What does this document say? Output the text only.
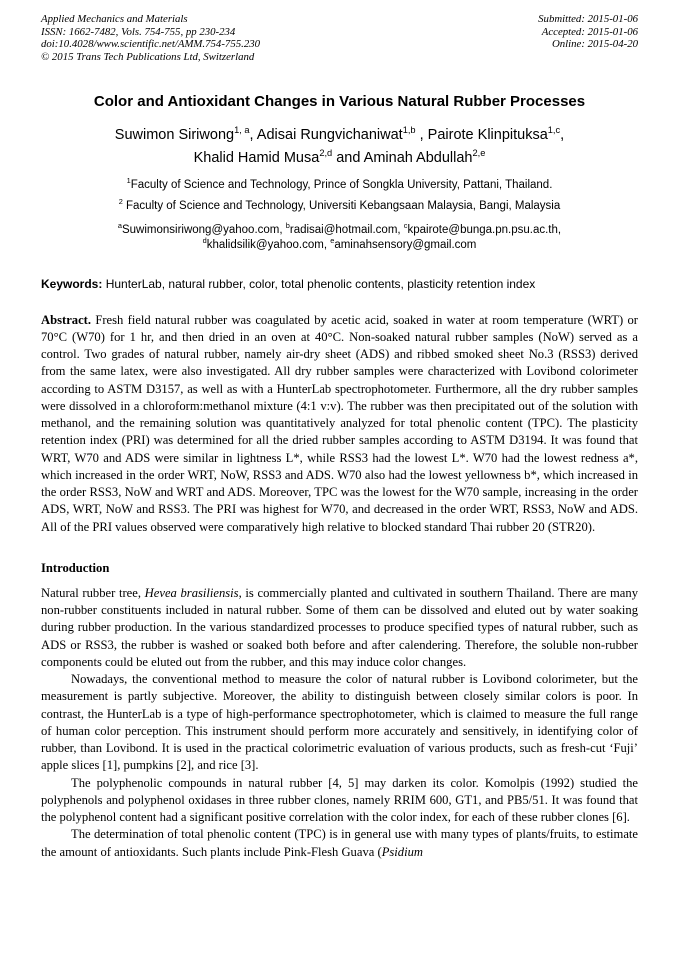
Applied Mechanics and Materials
ISSN: 1662-7482, Vols. 754-755, pp 230-234
doi:10.4028/www.scientific.net/AMM.754-755.230
© 2015 Trans Tech Publications Ltd, Switzerland
Submitted: 2015-01-06
Accepted: 2015-01-06
Online: 2015-04-20
Color and Antioxidant Changes in Various Natural Rubber Processes
Suwimon Siriwong$^{1, a}$, Adisai Rungvichaniwat$^{1,b}$ , Pairote Klinpituksa$^{1,c}$,
Khalid Hamid Musa$^{2,d}$ and Aminah Abdullah$^{2,e}$
$^1$Faculty of Science and Technology, Prince of Songkla University, Pattani, Thailand.
$^2$ Faculty of Science and Technology, Universiti Kebangsaan Malaysia, Bangi, Malaysia
$^a$Suwimonsiriwong@yahoo.com, $^b$radisai@hotmail.com, $^c$kpairote@bunga.pn.psu.ac.th,
$^d$khalidsilik@yahoo.com, $^e$aminahsensory@gmail.com

Keywords: HunterLab, natural rubber, color, total phenolic contents, plasticity retention index

Abstract. Fresh field natural rubber was coagulated by acetic acid, soaked in water at room temperature (WRT) or 70°C (W70) for 1 hr, and then dried in an oven at 40°C. Non-soaked natural rubber samples (NoW) served as a control. Two grades of natural rubber, namely air-dry sheet (ADS) and ribbed smoked sheet No.3 (RSS3) derived from the same latex, were also investigated. All dry rubber samples were characterized with Lovibond colorimeter according to ASTM D3157, as well as with a HunterLab spectrophotometer. Furthermore, all the dry rubber samples were dissolved in a chloroform:methanol mixture (4:1 v:v). The rubber was then precipitated out of the solution with methanol, and the remaining solution was quantitatively analyzed for total phenolic content (TPC). The plasticity retention index (PRI) was determined for all the dried rubber samples according to ASTM D3194. It was found that WRT, W70 and ADS were similar in lightness L*, while RSS3 had the lowest L*. W70 had the lowest redness a*, which increased in the order WRT, NoW, RSS3 and ADS. W70 also had the lowest yellowness b*, which increased in the order RSS3, NoW and WRT and ADS. Moreover, TPC was the lowest for the W70 sample, increasing in the order ADS, WRT, NoW and RSS3. The PRI was highest for W70, and decreased in the order WRT, RSS3, NoW and ADS. All of the PRI values observed were comparatively high relative to blocked standard Thai rubber 20 (STR20).

Introduction

Natural rubber tree, Hevea brasiliensis, is commercially planted and cultivated in southern Thailand. There are many non-rubber constituents included in natural rubber. Some of them can be dissolved and eluted out by water soaking during rubber production. In the various standardized processes to produce specified types of natural rubber, such as ADS or RSS3, the rubber is washed or soaked both before and after calendering. Therefore, the soluble non-rubber components could be eluted out from the rubber, and this may induce color changes.

Nowadays, the conventional method to measure the color of natural rubber is Lovibond colorimeter, but the measurement is partly subjective. Moreover, the ability to distinguish between closely similar colors is poor. In contrast, the HunterLab is a type of high-performance spectrophotometer, which is claimed to measure the full range of human color perception. This instrument should perform more accurately and sensitively, in identifying color of rubber, than Lovibond. It is used in the practical colorimetric evaluation of various products, such as fresh-cut ‘Fuji’ apple slices [1], pumpkins [2], and rice [3].

The polyphenolic compounds in natural rubber [4, 5] may darken its color. Komolpis (1992) studied the polyphenols and polyphenol oxidases in three rubber clones, namely RRIM 600, GT1, and PB5/51. It was found that the polyphenol content had a significant positive correlation with the color index, for each of these rubber clones [6].

The determination of total phenolic content (TPC) is in general use with many types of plants/fruits, to estimate the amount of antioxidants. Such plants include Pink-Flesh Guava (Psidium
